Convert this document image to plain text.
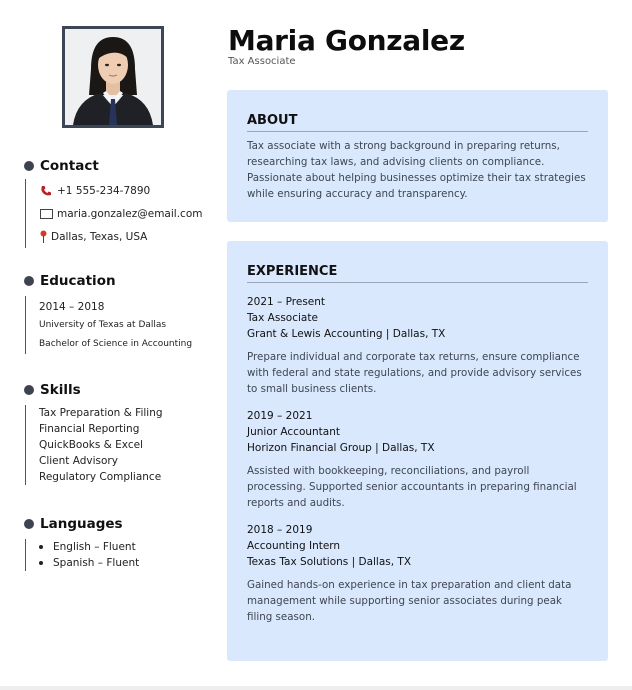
Maria Gonzalez
Tax Associate
Contact
+1 555-234-7890
maria.gonzalez@email.com
Dallas, Texas, USA
Education
2014 – 2018
University of Texas at Dallas
Bachelor of Science in Accounting
Skills
Tax Preparation & Filing
Financial Reporting
QuickBooks & Excel
Client Advisory
Regulatory Compliance
Languages
English – Fluent
Spanish – Fluent
ABOUT
Tax associate with a strong background in preparing returns, researching tax laws, and advising clients on compliance. Passionate about helping businesses optimize their tax strategies while ensuring accuracy and transparency.
EXPERIENCE
2021 – Present
Tax Associate
Grant & Lewis Accounting | Dallas, TX
Prepare individual and corporate tax returns, ensure compliance with federal and state regulations, and provide advisory services to small business clients.
2019 – 2021
Junior Accountant
Horizon Financial Group | Dallas, TX
Assisted with bookkeeping, reconciliations, and payroll processing. Supported senior accountants in preparing financial reports and audits.
2018 – 2019
Accounting Intern
Texas Tax Solutions | Dallas, TX
Gained hands-on experience in tax preparation and client data management while supporting senior associates during peak filing season.
